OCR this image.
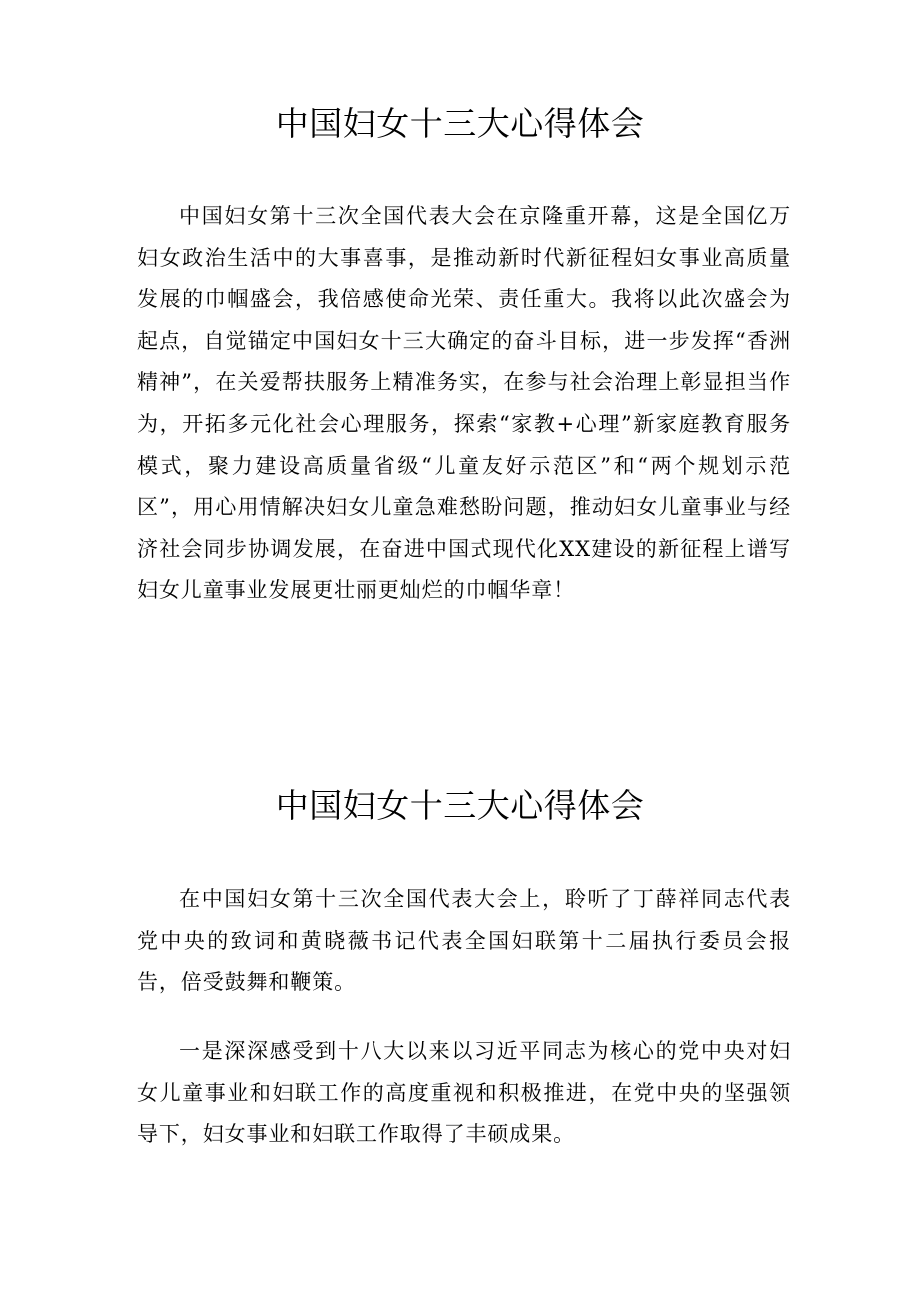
中国妇女十三大心得体会

中国妇女第十三次全国代表大会在京隆重开幕，这是全国亿万妇女政治生活中的大事喜事，是推动新时代新征程妇女事业高质量发展的巾帼盛会，我倍感使命光荣、责任重大。我将以此次盛会为起点，自觉锚定中国妇女十三大确定的奋斗目标，进一步发挥“香洲精神”，在关爱帮扶服务上精准务实，在参与社会治理上彰显担当作为，开拓多元化社会心理服务，探索“家教+心理”新家庭教育服务模式，聚力建设高质量省级“儿童友好示范区”和“两个规划示范区”，用心用情解决妇女儿童急难愁盼问题，推动妇女儿童事业与经济社会同步协调发展，在奋进中国式现代化XX建设的新征程上谱写妇女儿童事业发展更壮丽更灿烂的巾帼华章！

中国妇女十三大心得体会

在中国妇女第十三次全国代表大会上，聆听了丁薛祥同志代表党中央的致词和黄晓薇书记代表全国妇联第十二届执行委员会报告，倍受鼓舞和鞭策。

一是深深感受到十八大以来以习近平同志为核心的党中央对妇女儿童事业和妇联工作的高度重视和积极推进，在党中央的坚强领导下，妇女事业和妇联工作取得了丰硕成果。
